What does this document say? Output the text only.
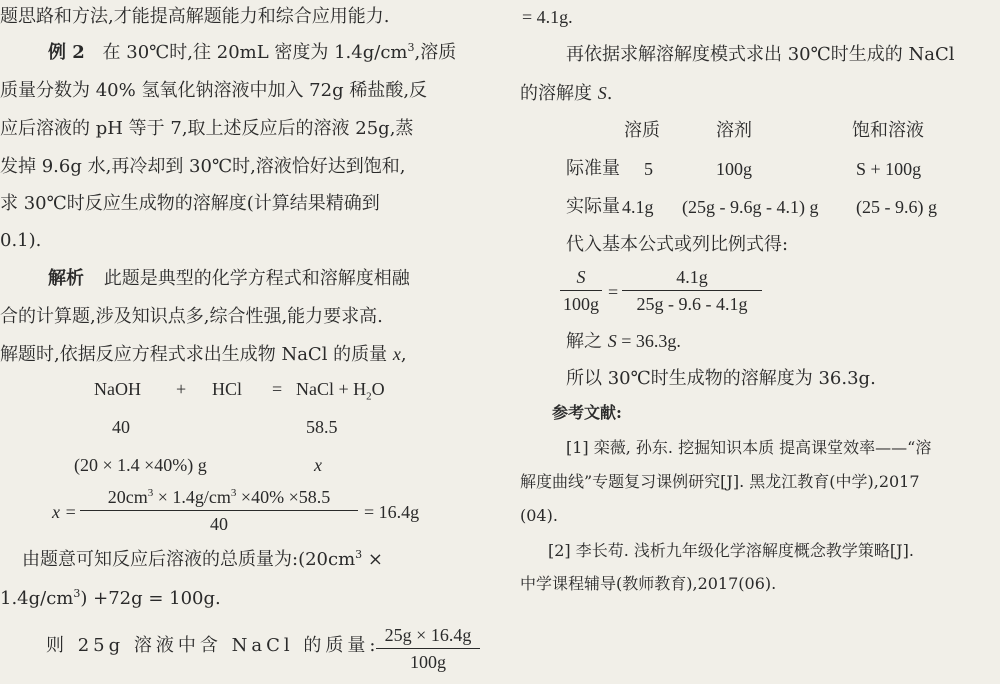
题思路和方法,才能提高解题能力和综合应用能力.
例 2 在 30℃时,往 20mL 密度为 $1.4g/cm^3$,溶质
质量分数为 40% 氢氧化钠溶液中加入 72g 稀盐酸,反
应后溶液的 pH 等于 7,取上述反应后的溶液 25g,蒸
发掉 9.6g 水,再冷却到 30℃时,溶液恰好达到饱和,
求 30℃时反应生成物的溶解度(计算结果精确到
0.1).
解析 此题是典型的化学方程式和溶解度相融
合的计算题,涉及知识点多,综合性强,能力要求高.
解题时,依据反应方程式求出生成物 NaCl 的质量 x,
NaOH + HCl = NaCl + $H_2O$
40	58.5
(20 × 1.4 ×40%) g	x
x =
$20cm^3 \times 1.4g/cm^3 \times 40\% \times 58.5$
40
= 16.4g
由题意可知反应后溶液的总质量为$:(20cm^3$ ×
$1.4g/cm^3) +72g = 100g$.
则 25g 溶液中含 NaCl 的质量: 25g × 16.4g
100g
= 4.1g.
再依据求解溶解度模式求出 30℃时生成的 NaCl
的溶解度 S.
溶质	溶剂	饱和溶液
际准量 5	100g	S + 100g
实际量 4.1g (25g - 9.6g - 4.1) g (25 - 9.6) g
代入基本公式或列比例式得:
S
100g
=
4.1g
25g - 9.6 - 4.1g
解之 S = 36.3g.
所以 30℃时生成物的溶解度为 36.3g.
参考文献:
[1] 栾薇, 孙东. 挖掘知识本质 提高课堂效率——“溶
解度曲线”专题复习课例研究[J]. 黑龙江教育(中学),2017
(04).
[2] 李长苟. 浅析九年级化学溶解度概念教学策略[J].
中学课程辅导(教师教育),2017(06).
